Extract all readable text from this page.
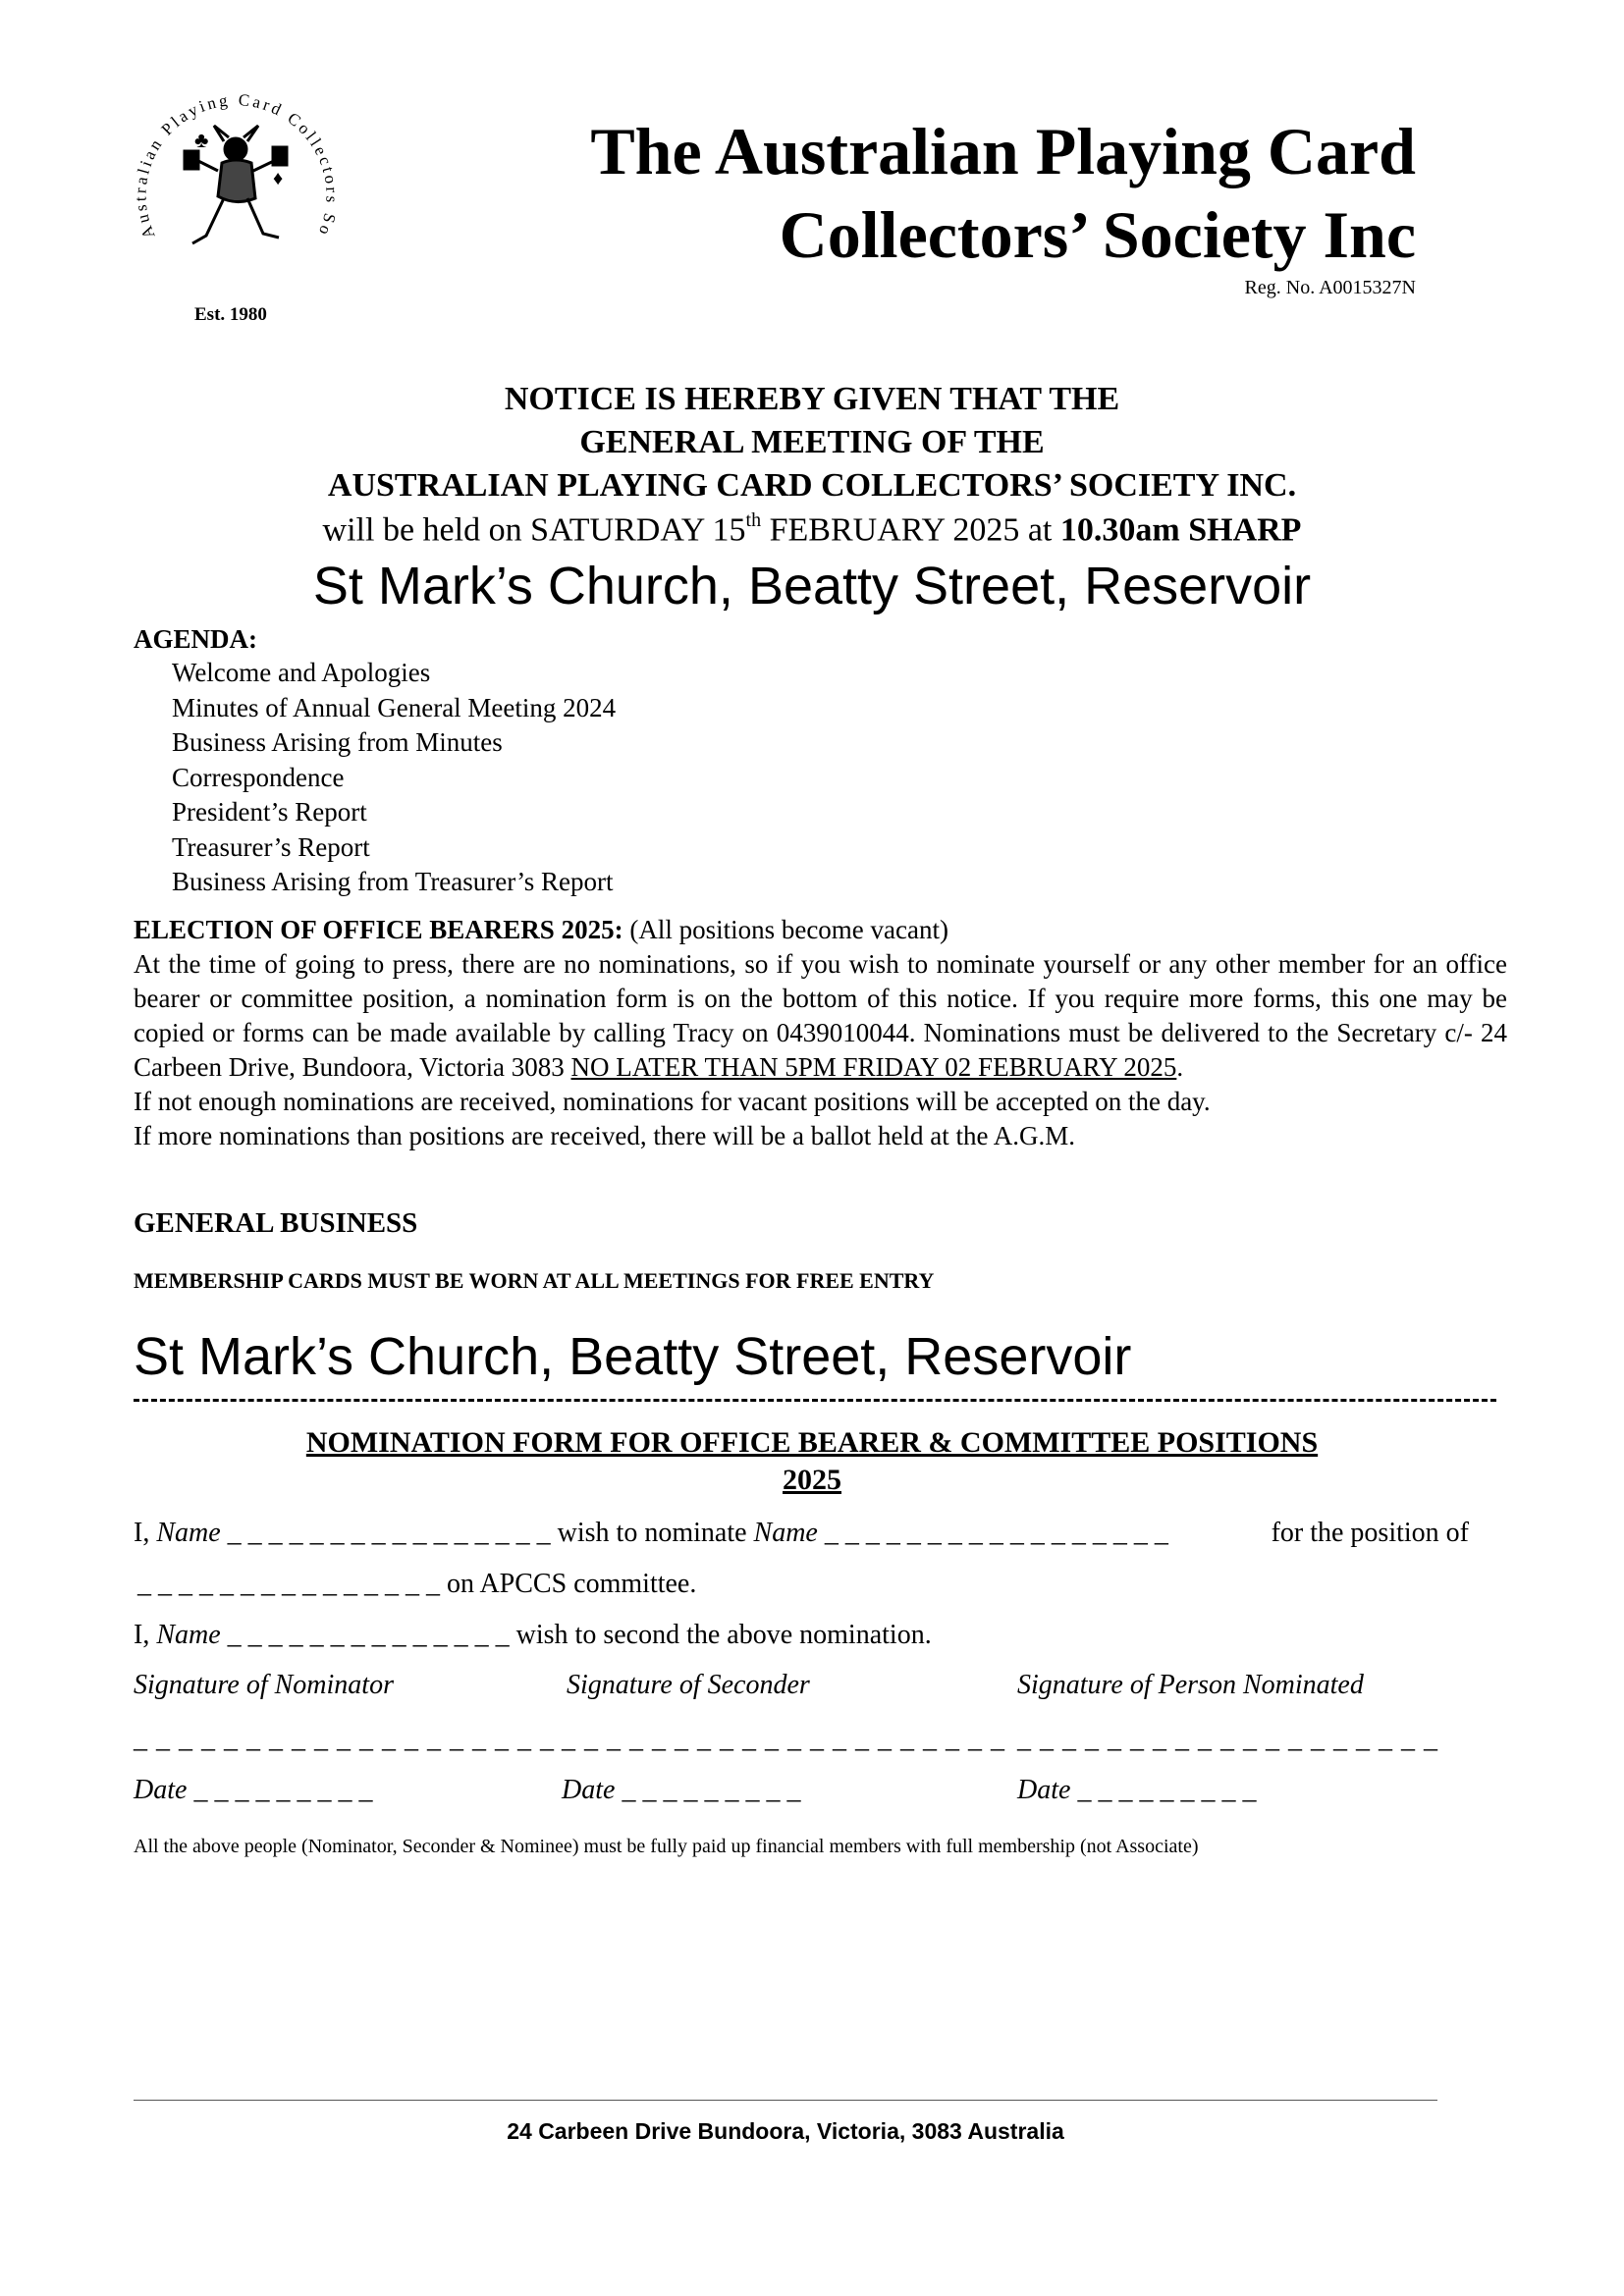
Australian Playing Card Collectors So
♣
♦
Est. 1980
The Australian Playing Card
Collectors’ Society Inc
Reg. No. A0015327N
NOTICE IS HEREBY GIVEN THAT THE
GENERAL MEETING OF THE
AUSTRALIAN PLAYING CARD COLLECTORS’ SOCIETY INC.
will be held on SATURDAY 15th FEBRUARY 2025 at 10.30am SHARP
St Mark’s Church, Beatty Street, Reservoir
AGENDA:
Welcome and Apologies
Minutes of Annual General Meeting 2024
Business Arising from Minutes
Correspondence
President’s Report
Treasurer’s Report
Business Arising from Treasurer’s Report

ELECTION OF OFFICE BEARERS 2025: (All positions become vacant)

At the time of going to press, there are no nominations, so if you wish to nominate yourself or any other member for an office bearer or committee position, a nomination form is on the bottom of this notice. If you require more forms, this one may be copied or forms can be made available by calling Tracy on 0439010044. Nominations must be delivered to the Secretary c/- 24 Carbeen Drive, Bundoora, Victoria 3083 NO LATER THAN 5PM FRIDAY 02 FEBRUARY 2025.

If not enough nominations are received, nominations for vacant positions will be accepted on the day.

If more nominations than positions are received, there will be a ballot held at the A.G.M.

GENERAL BUSINESS
MEMBERSHIP CARDS MUST BE WORN AT ALL MEETINGS FOR FREE ENTRY
St Mark’s Church, Beatty Street, Reservoir
NOMINATION FORM FOR OFFICE BEARER & COMMITTEE POSITIONS
2025
I, Name _ _ _ _ _ _ _ _ _ _ _ _ _ _ _ _ wish to nominate Name _ _ _ _ _ _ _ _ _ _ _ _ _ _ _ _ _	for the position of
_ _ _ _ _ _ _ _ _ _ _ _ _ _ _ on APCCS committee.
I, Name _ _ _ _ _ _ _ _ _ _ _ _ _ _ wish to second the above nomination.
Signature of Nominator	Signature of Seconder	Signature of Person Nominated
_ _ _ _ _ _ _ _ _ _ _ _ _ _ _ _ _ _ _ _ _ _ _ _ _ _ _ _ _ _ _ _ _ _ _ _ _ _ _ _ _ _ _ _ _ _ _ _ _ _ _ _ _ _ _ _ _ _
Date _ _ _ _ _ _ _ _ _	Date _ _ _ _ _ _ _ _ _	Date _ _ _ _ _ _ _ _ _
All the above people (Nominator, Seconder & Nominee) must be fully paid up financial members with full membership (not Associate)
24 Carbeen Drive Bundoora, Victoria, 3083 Australia
